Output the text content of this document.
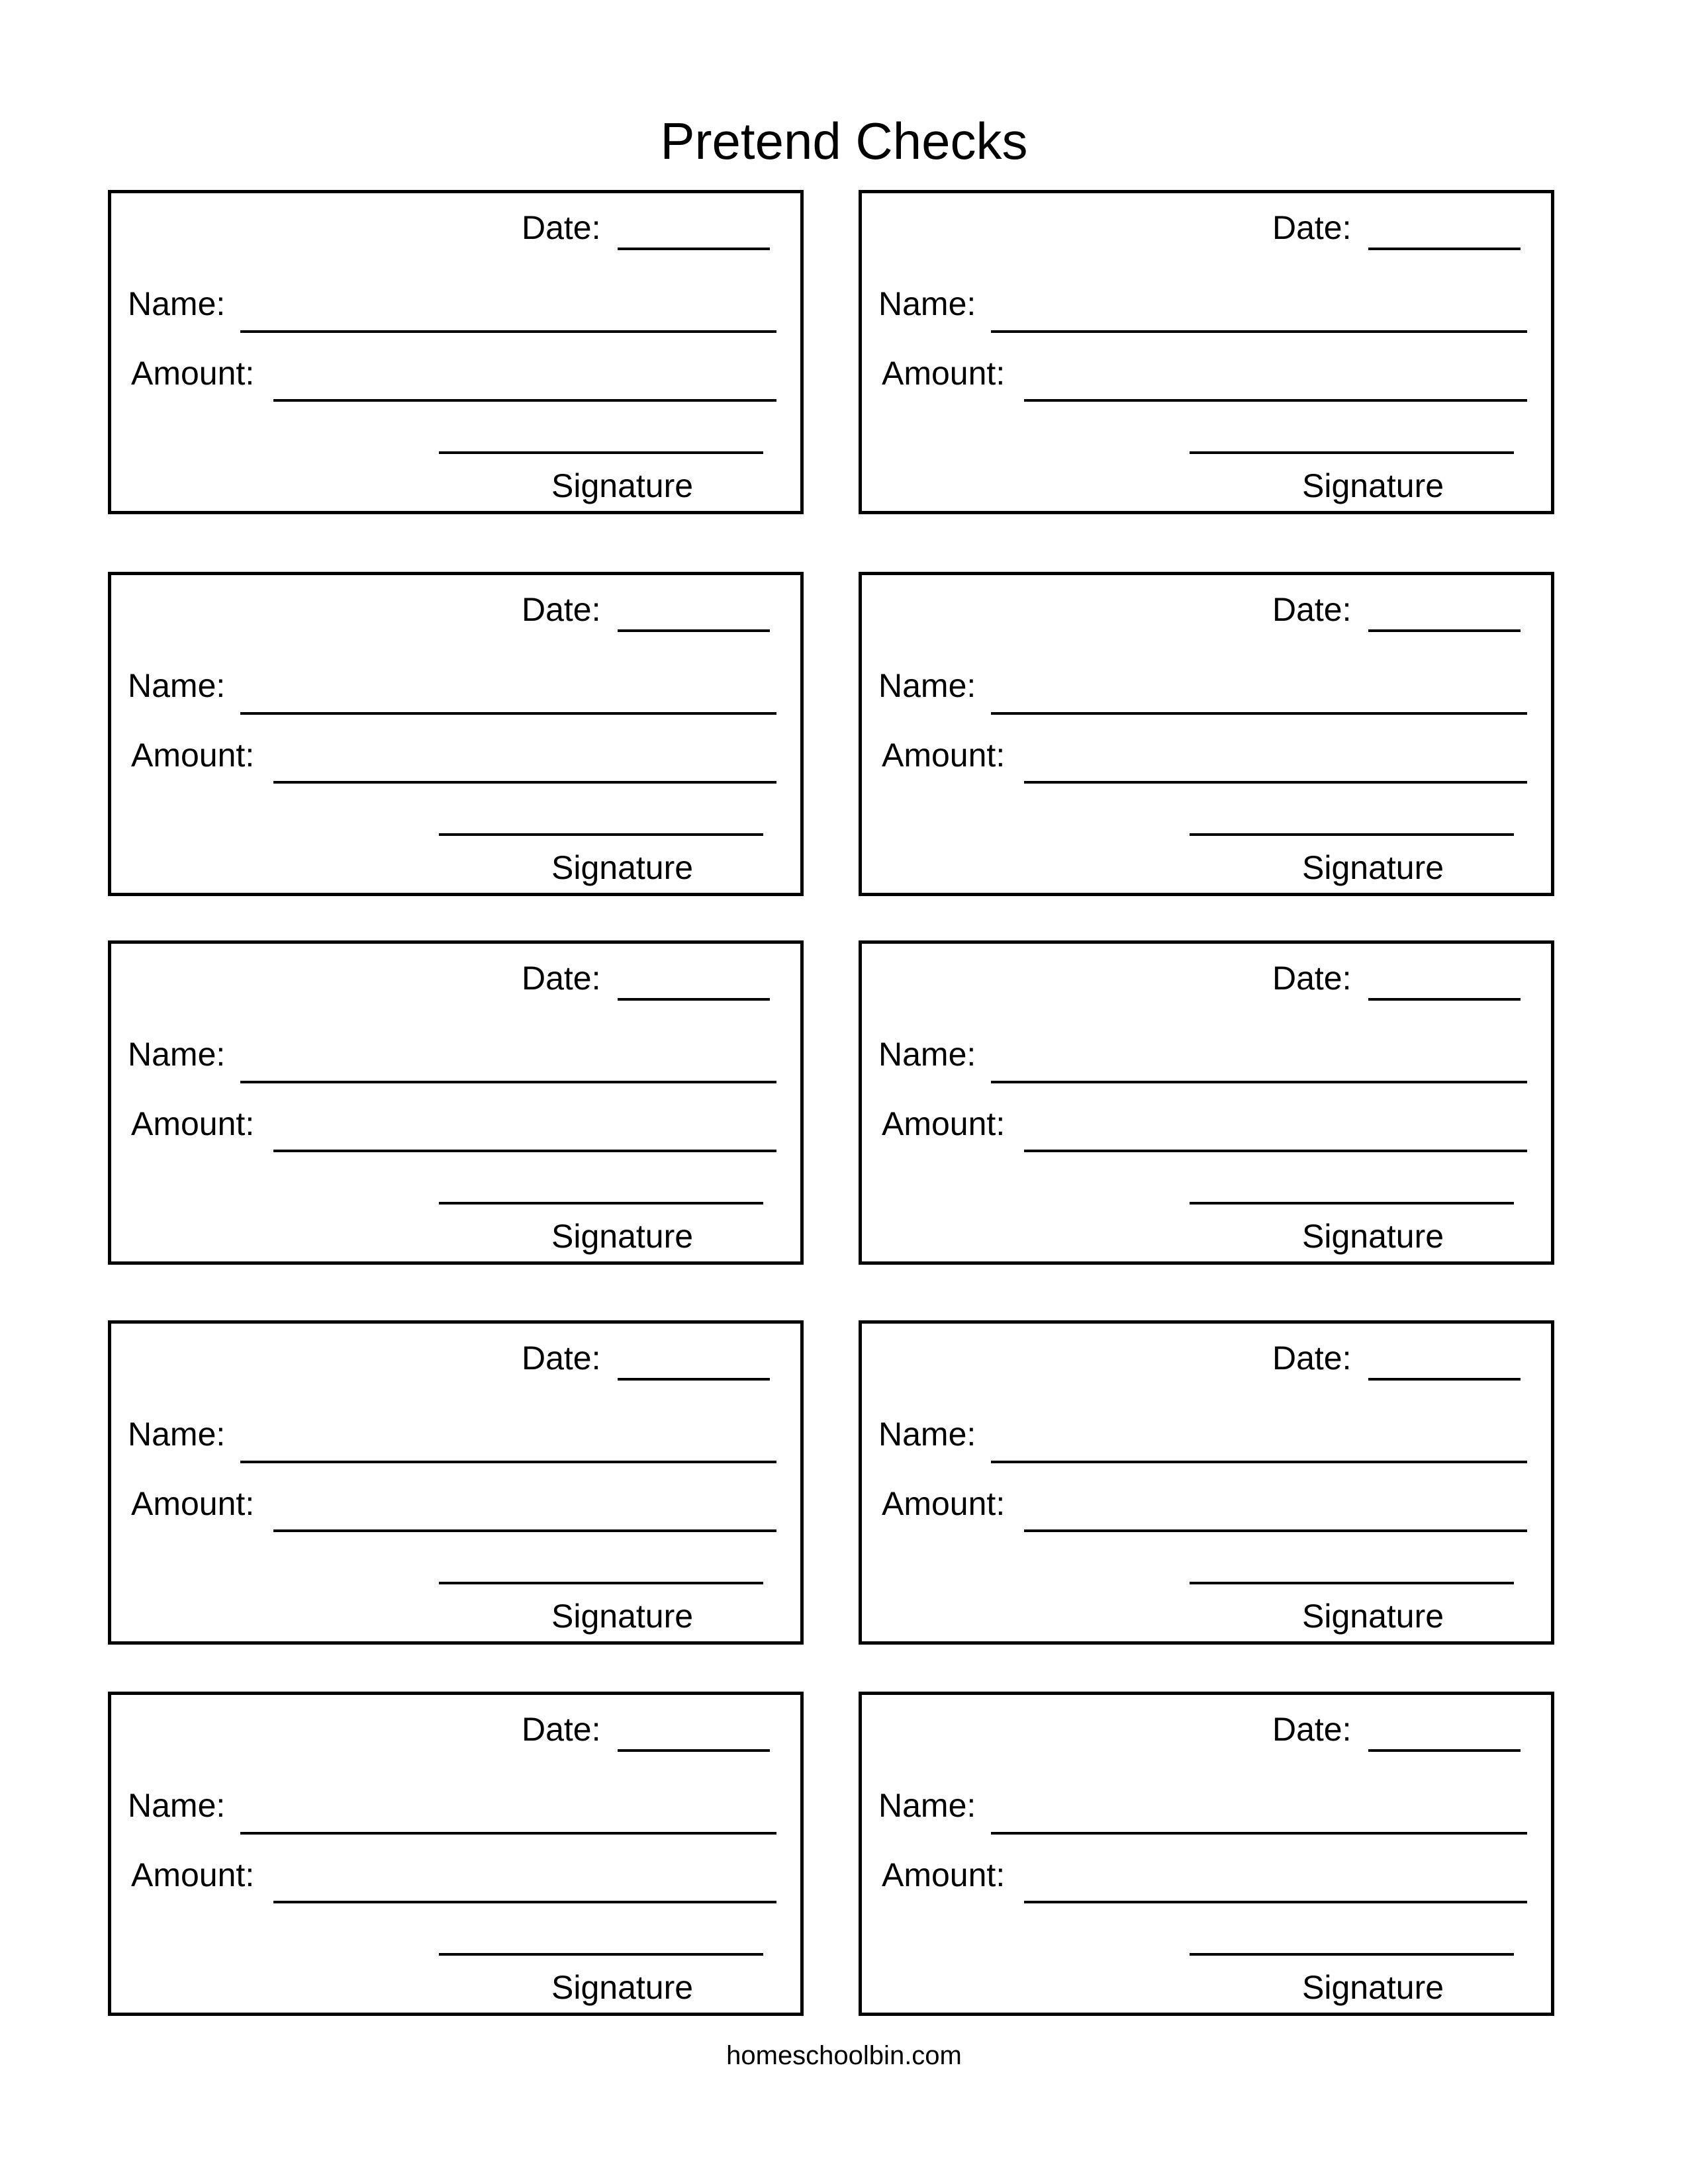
Pretend Checks
Date:
Name:
Amount:
Signature
Date:
Name:
Amount:
Signature
Date:
Name:
Amount:
Signature
Date:
Name:
Amount:
Signature
Date:
Name:
Amount:
Signature
Date:
Name:
Amount:
Signature
Date:
Name:
Amount:
Signature
Date:
Name:
Amount:
Signature
Date:
Name:
Amount:
Signature
Date:
Name:
Amount:
Signature
homeschoolbin.com
